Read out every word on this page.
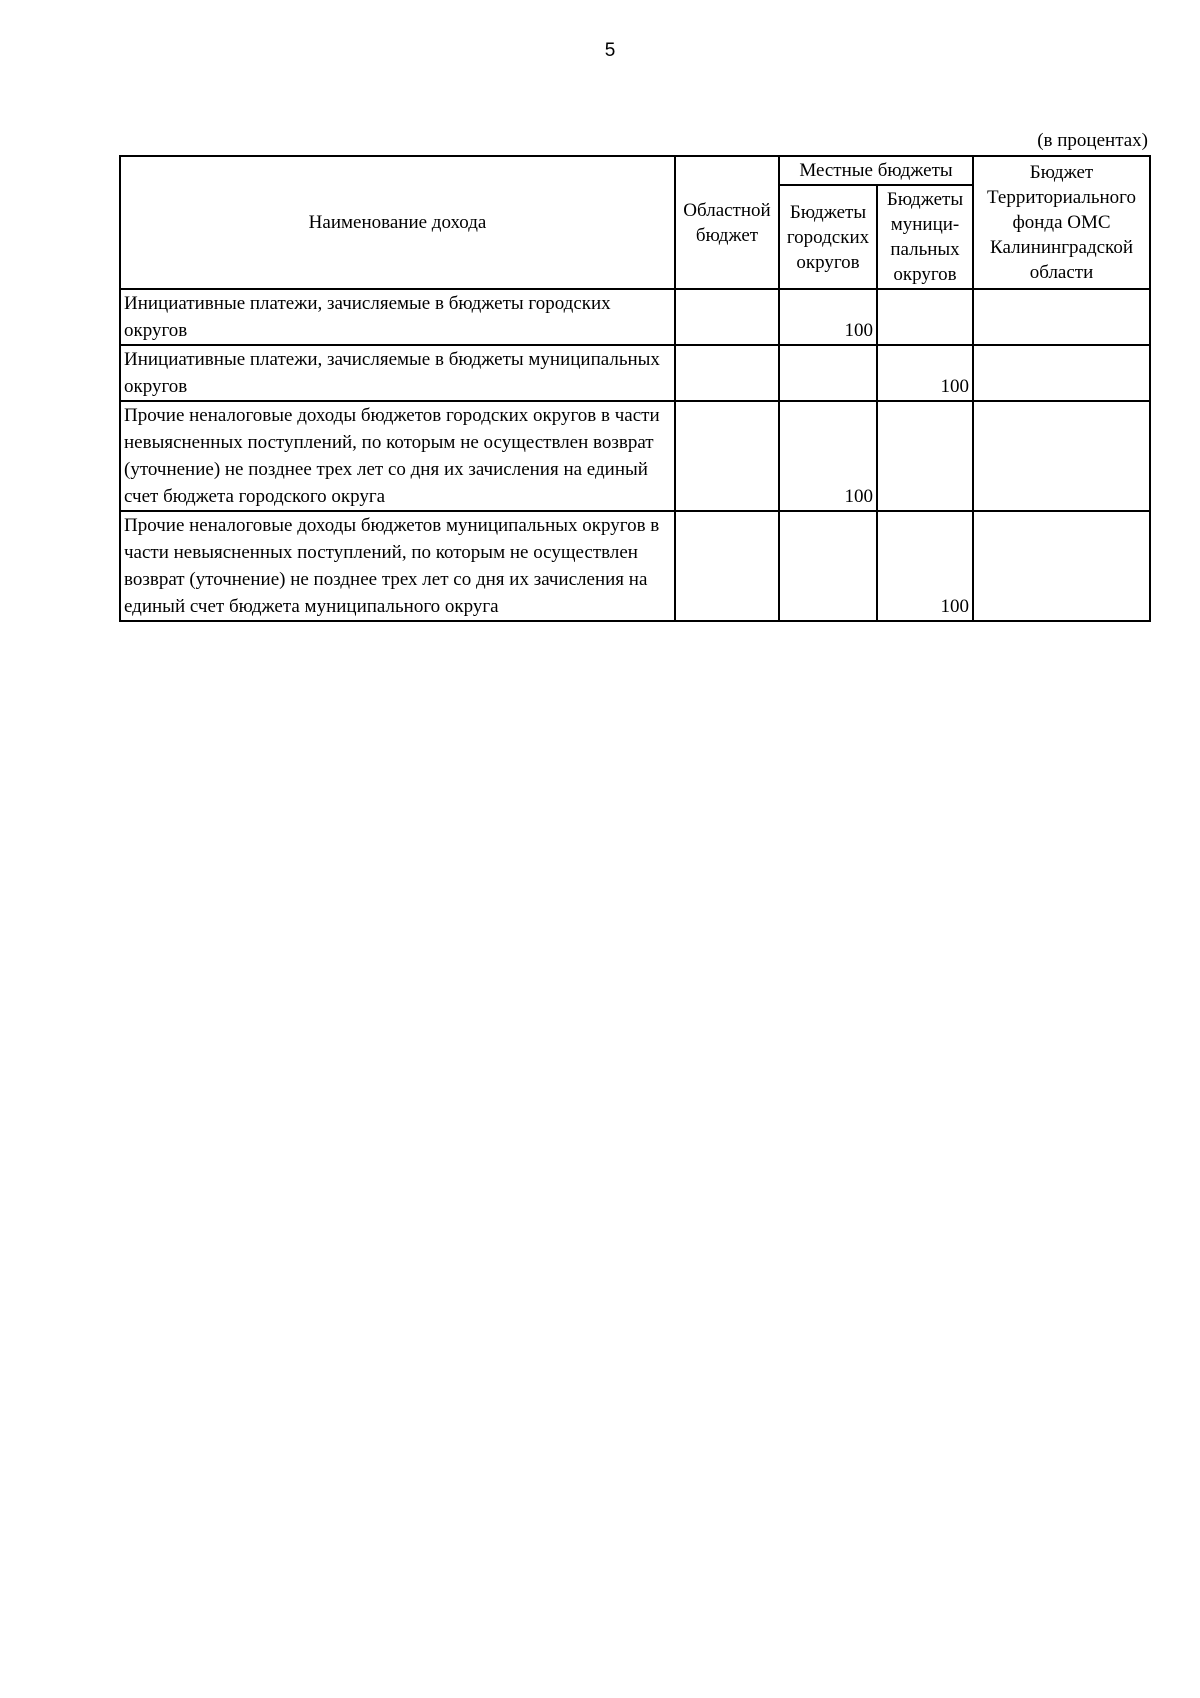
5
(в процентах)
Наименование дохода	Областной бюджет	Местные бюджеты		Бюджет Территориального фонда ОМС Калининградской области
		Бюджеты городских округов	Бюджеты муници-пальных округов	
Инициативные платежи, зачисляемые в бюджеты городских округов		100		
Инициативные платежи, зачисляемые в бюджеты муниципальных округов			100	
Прочие неналоговые доходы бюджетов городских округов в части невыясненных поступлений, по которым не осуществлен возврат (уточнение) не позднее трех лет со дня их зачисления на единый счет бюджета городского округа		100		
Прочие неналоговые доходы бюджетов муниципальных округов в части невыясненных поступлений, по которым не осуществлен возврат (уточнение) не позднее трех лет со дня их зачисления на единый счет бюджета муниципального округа			100	
